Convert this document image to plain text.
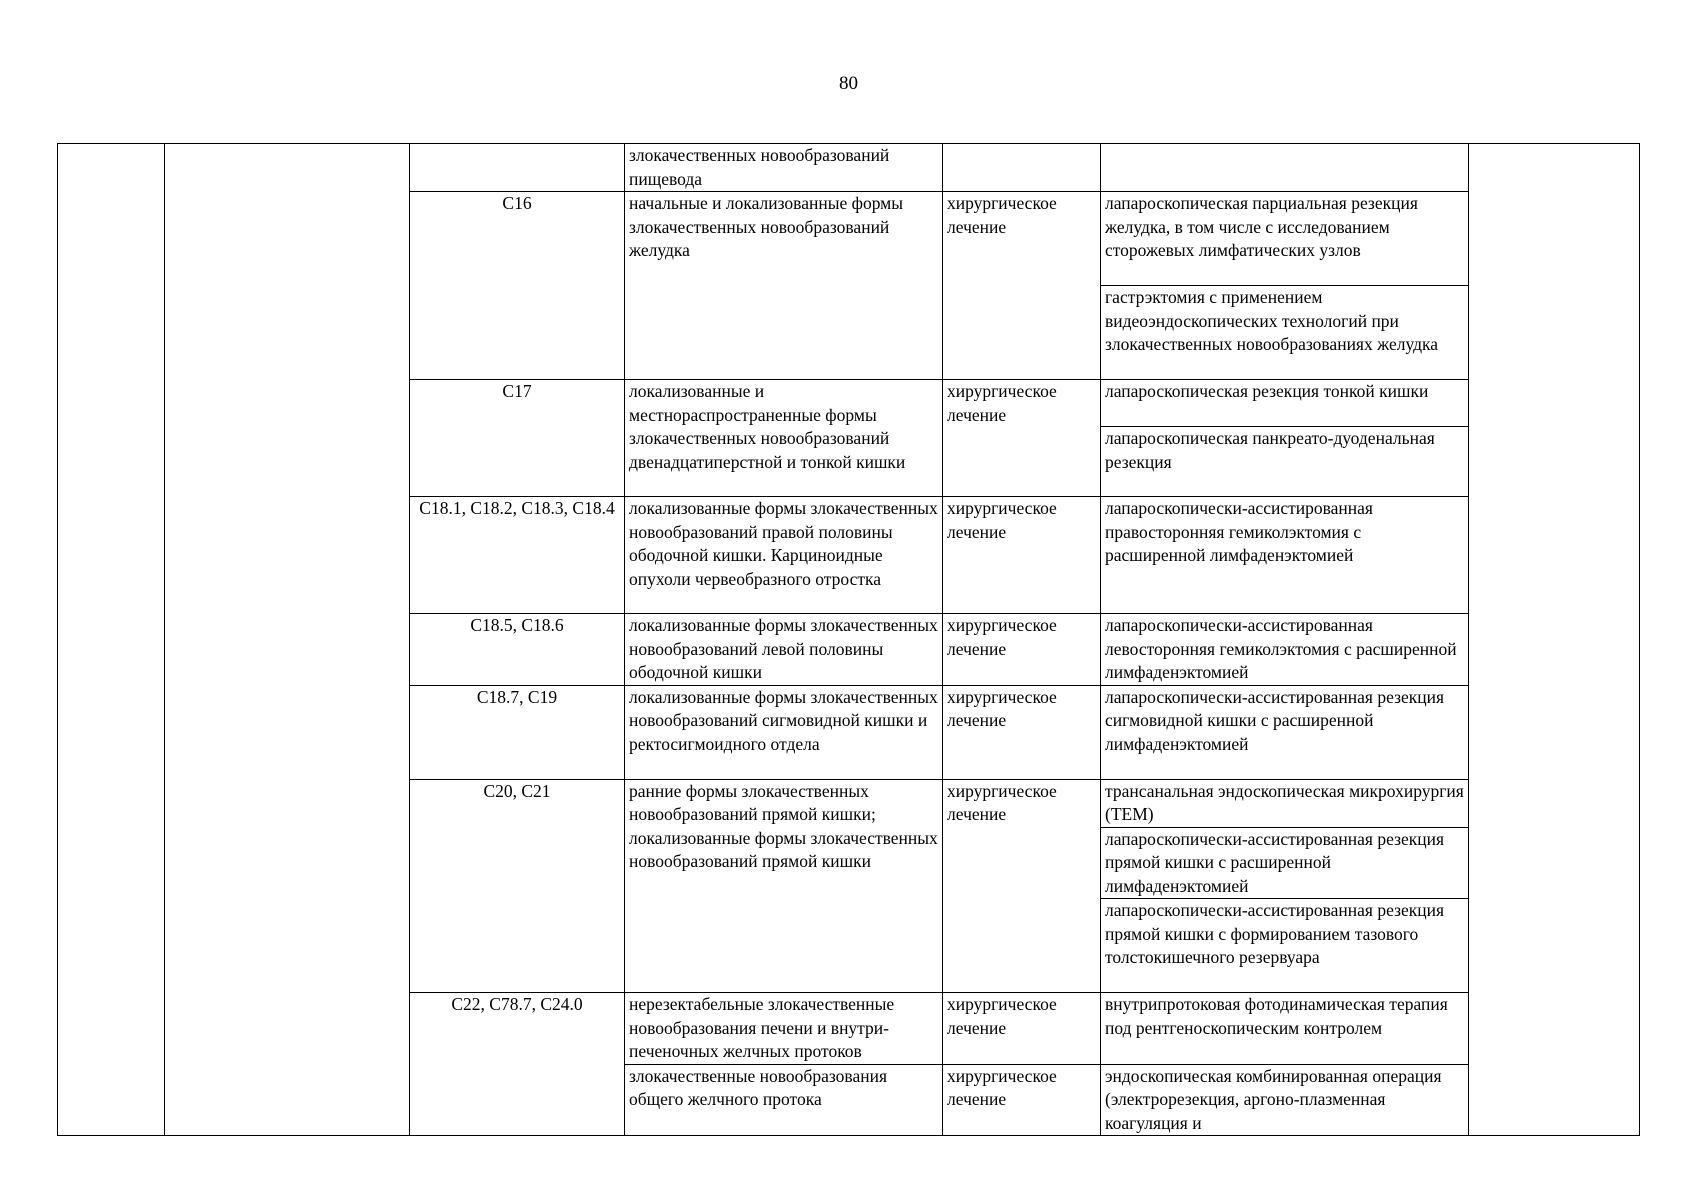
80
			злокачественных новообразований пищевода			
		C16	начальные и локализованные формы злокачественных новообразований желудка	хирургическое лечение	лапароскопическая парциальная резекция желудка, в том числе с исследованием сторожевых лимфатических узлов	
					гастрэктомия с применением видеоэндоскопических технологий при злокачественных новообразованиях желудка	
		C17	локализованные и местнораспространенные формы злокачественных новообразований двенадцатиперстной и тонкой кишки	хирургическое лечение	лапароскопическая резекция тонкой кишки	
					лапароскопическая панкреато-дуоденальная резекция	
		C18.1, C18.2, C18.3, C18.4	локализованные формы злокачественных новообразований правой половины ободочной кишки. Карциноидные опухоли червеобразного отростка	хирургическое лечение	лапароскопически-ассистированная правосторонняя гемиколэктомия с расширенной лимфаденэктомией	
		C18.5, C18.6	локализованные формы злокачественных новообразований левой половины ободочной кишки	хирургическое лечение	лапароскопически-ассистированная левосторонняя гемиколэктомия с расширенной лимфаденэктомией	
		C18.7, C19	локализованные формы злокачественных новообразований сигмовидной кишки и ректосигмоидного отдела	хирургическое лечение	лапароскопически-ассистированная резекция сигмовидной кишки с расширенной лимфаденэктомией	
		C20, C21	ранние формы злокачественных новообразований прямой кишки; локализованные формы злокачественных новообразований прямой кишки	хирургическое лечение	трансанальная эндоскопическая микрохирургия (ТЕМ)	
					лапароскопически-ассистированная резекция прямой кишки с расширенной лимфаденэктомией	
					лапароскопически-ассистированная резекция прямой кишки с формированием тазового толстокишечного резервуара	
		C22, C78.7, C24.0	нерезектабельные злокачественные новообразования печени и внутри-печеночных желчных протоков	хирургическое лечение	внутрипротоковая фотодинамическая терапия под рентгеноскопическим контролем	
			злокачественные новообразования общего желчного протока	хирургическое лечение	эндоскопическая комбинированная операция (электрорезекция, аргоно-плазменная коагуляция и	
